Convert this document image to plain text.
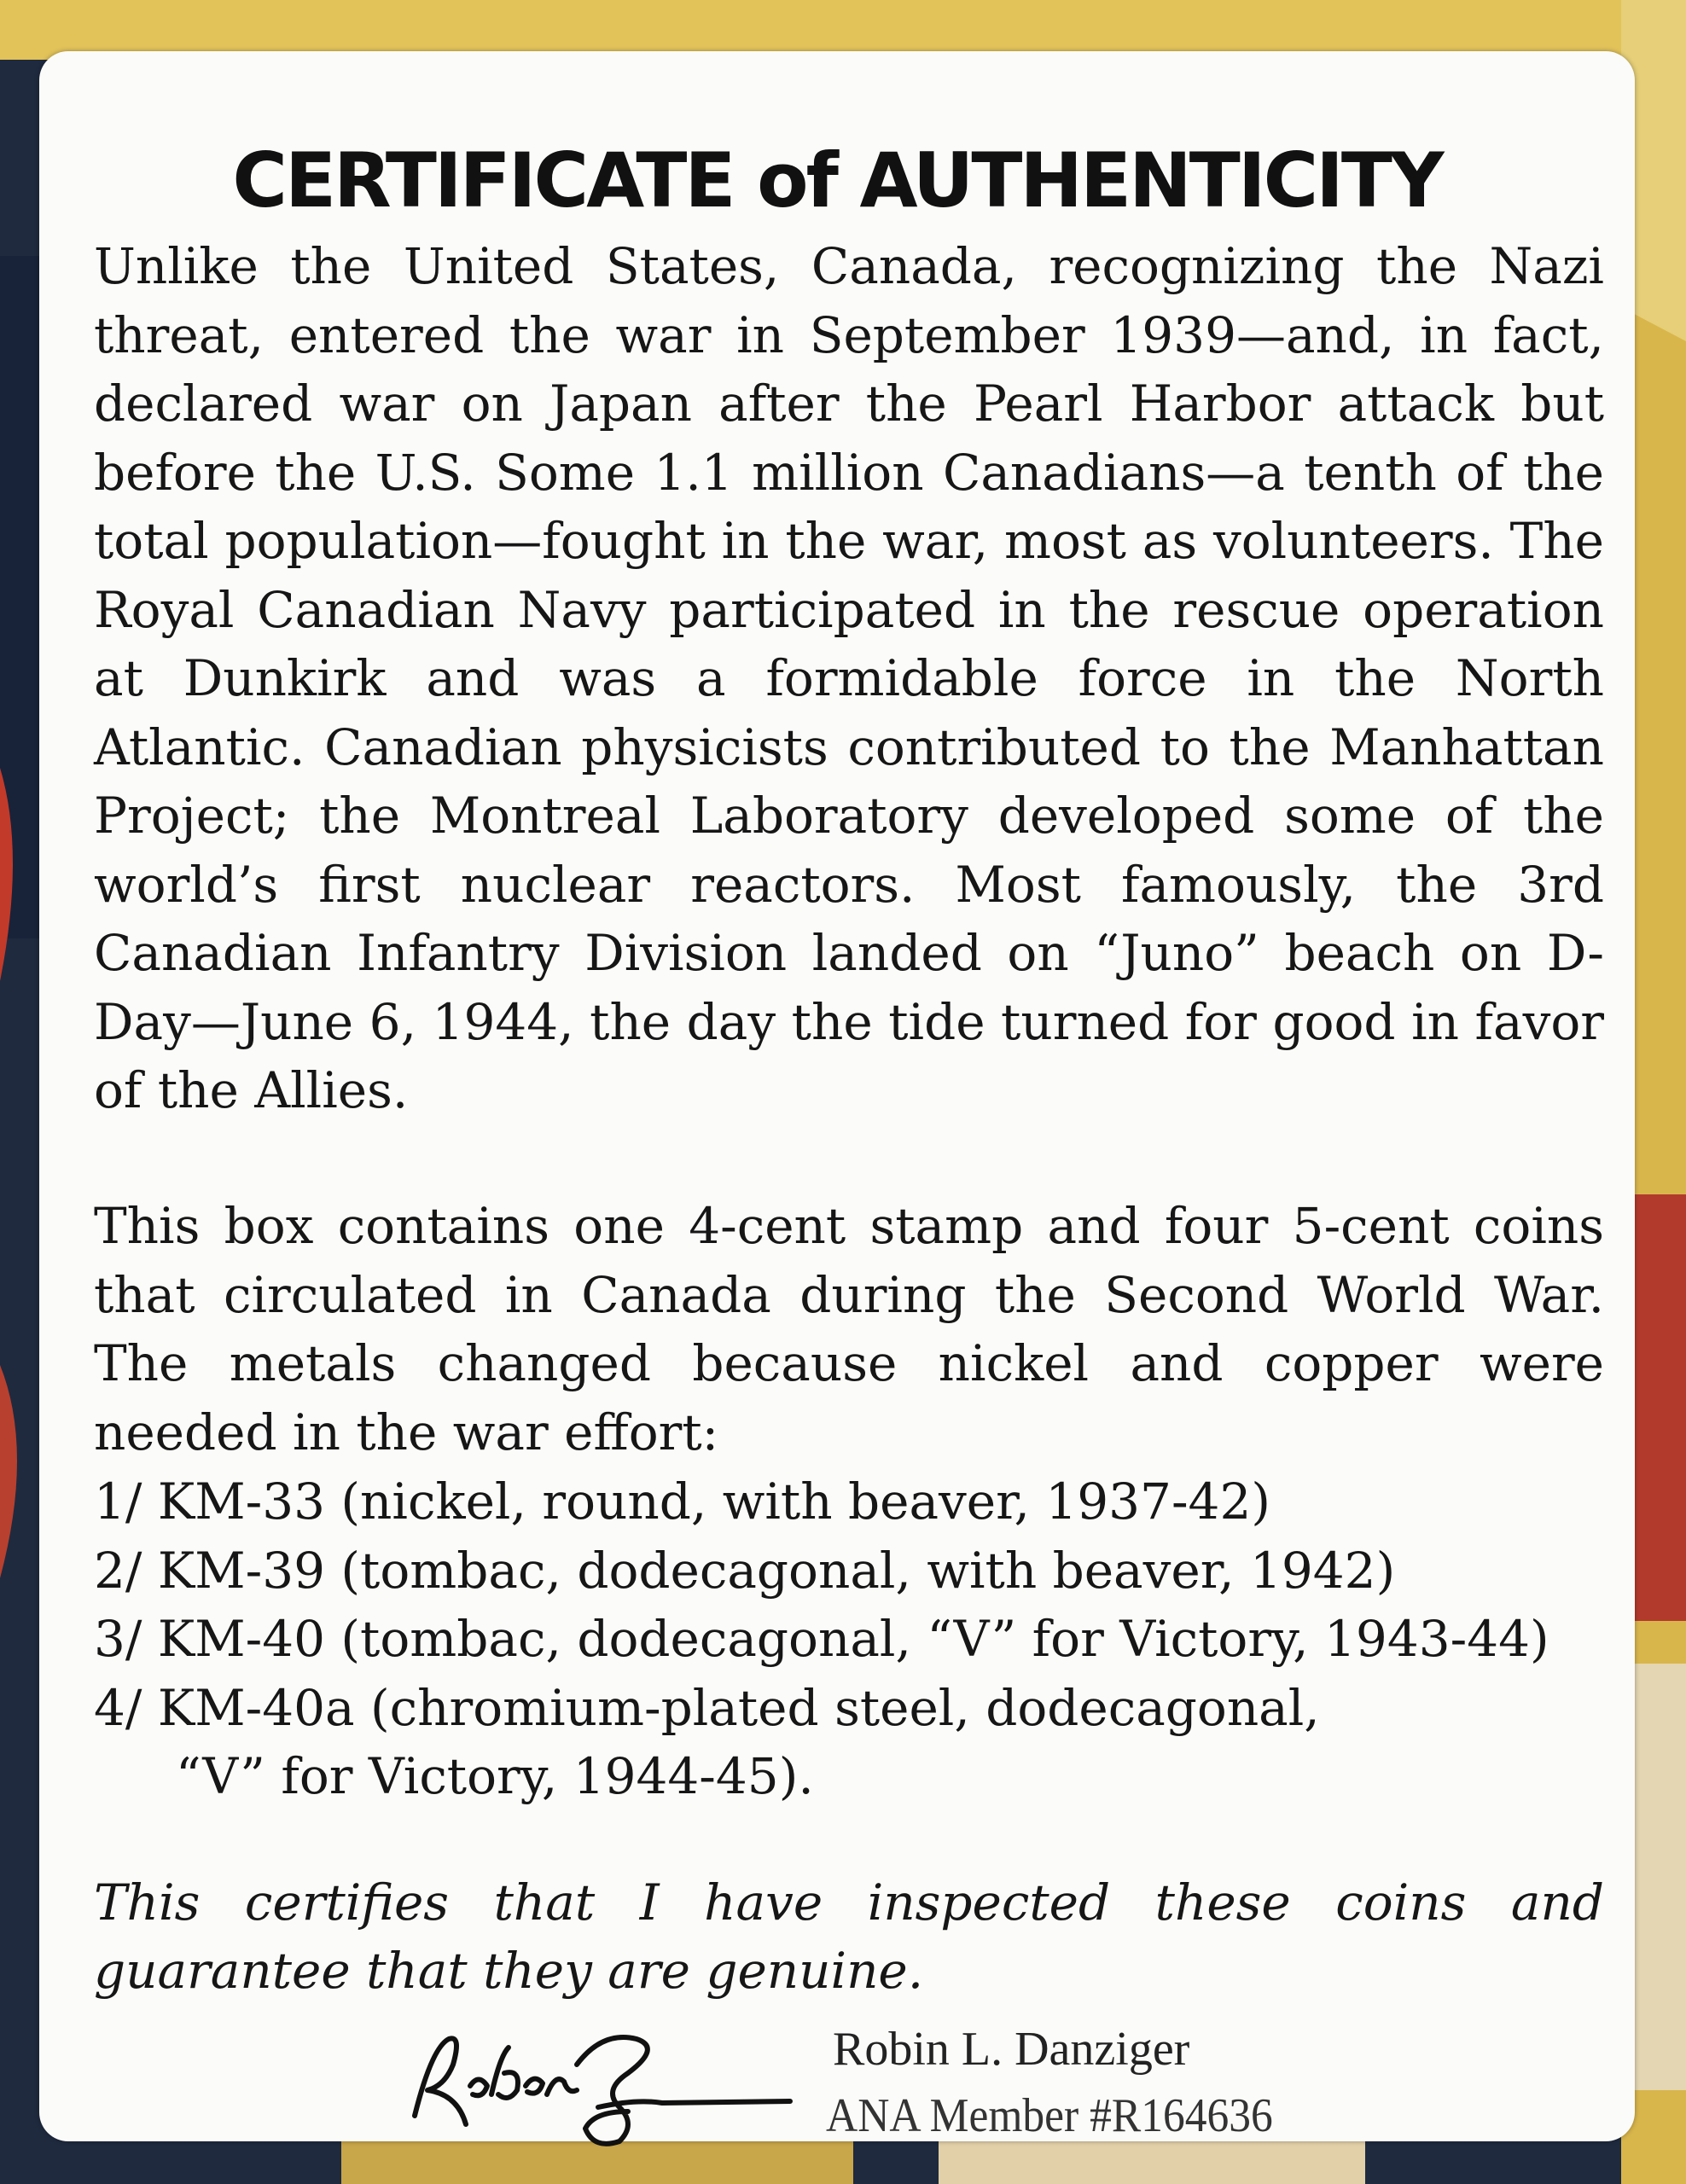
CERTIFICATE of AUTHENTICITY

Unlike the United States, Canada, recognizing the Nazi threat, entered the war in September 1939—and, in fact, declared war on Japan after the Pearl Harbor attack but before the U.S. Some 1.1 million Canadians—a tenth of the total population—fought in the war, most as volunteers. The Royal Canadian Navy participated in the rescue operation at Dunkirk and was a formidable force in the North Atlantic. Canadian physicists contributed to the Manhattan Project; the Montreal Laboratory developed some of the world’s first nuclear reactors. Most famously, the 3rd Canadian Infantry Division landed on “Juno” beach on D-Day—June 6, 1944, the day the tide turned for good in favor of the Allies.

This box contains one 4-cent stamp and four 5-cent coins that circulated in Canada during the Second World War. The metals changed because nickel and copper were needed in the war effort:

1/ KM-33 (nickel, round, with beaver, 1937-42)
2/ KM-39 (tombac, dodecagonal, with beaver, 1942)
3/ KM-40 (tombac, dodecagonal, “V” for Victory, 1943-44)
4/ KM-40a (chromium-plated steel, dodecagonal,
“V” for Victory, 1944-45).

This certifies that I have inspected these coins and guarantee that they are genuine.

Robin L. Danziger

ANA Member #R164636
